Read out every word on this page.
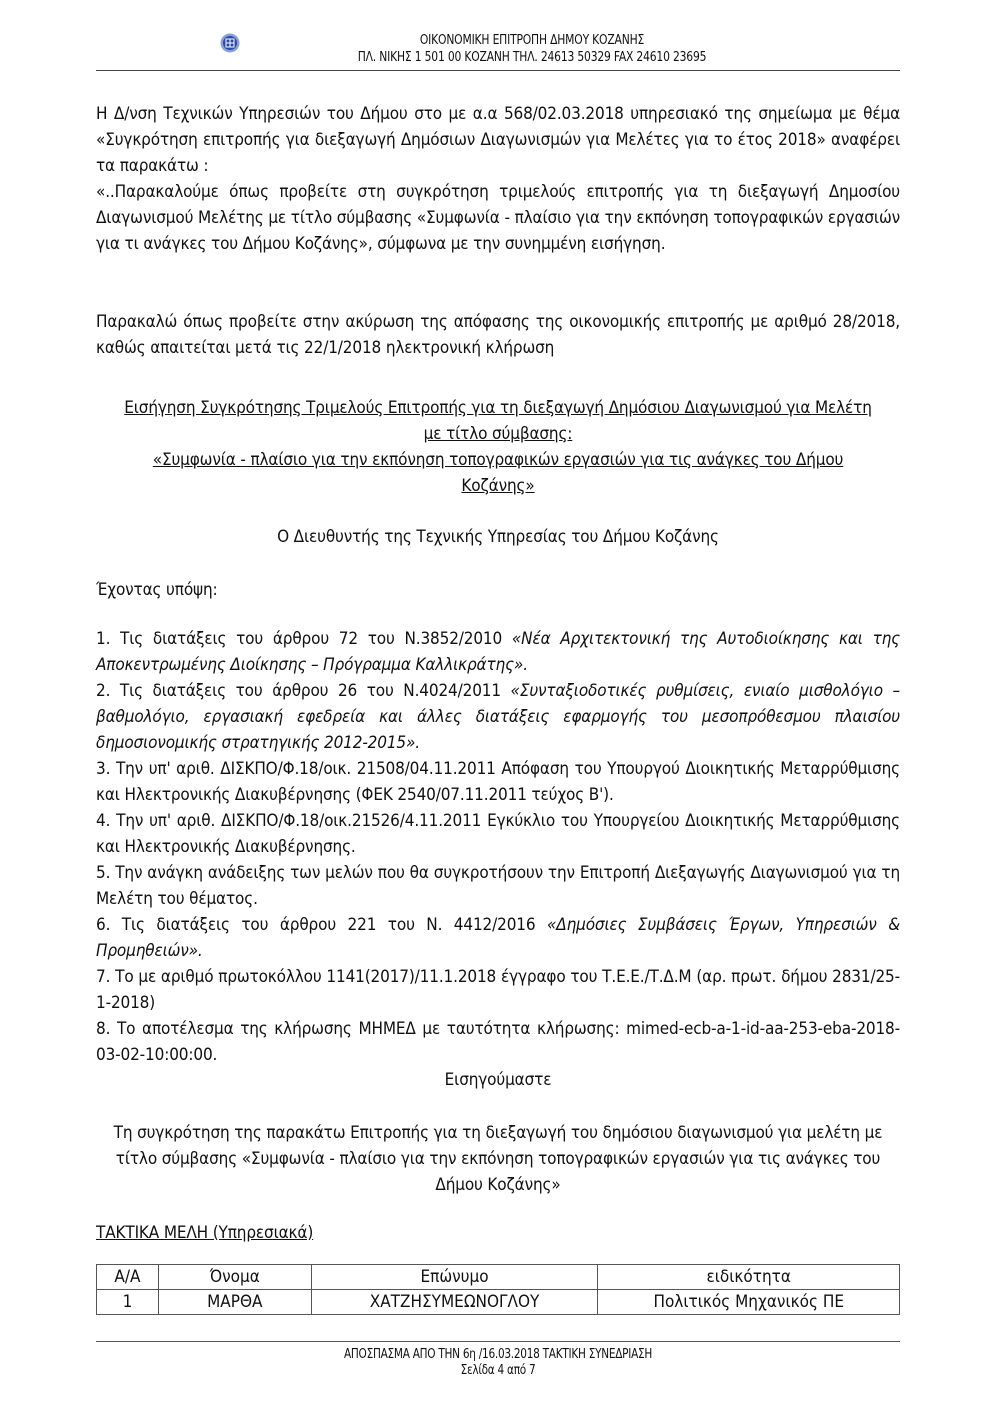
ΟΙΚΟΝΟΜΙΚΗ ΕΠΙΤΡΟΠΗ ΔΗΜΟΥ ΚΟΖΑΝΗΣ
ΠΛ. ΝΙΚΗΣ 1 501 00 ΚΟΖΑΝΗ ΤΗΛ. 24613 50329 FAX 24610 23695

Η Δ/νση Τεχνικών Υπηρεσιών του Δήμου στο με α.α 568/02.03.2018 υπηρεσιακό της σημείωμα με θέμα «Συγκρότηση επιτροπής για διεξαγωγή Δημόσιων Διαγωνισμών για Μελέτες για το έτος 2018» αναφέρει τα παρακάτω :

«..Παρακαλούμε όπως προβείτε στη συγκρότηση τριμελούς επιτροπής για τη διεξαγωγή Δημοσίου Διαγωνισμού Μελέτης με τίτλο σύμβασης «Συμφωνία - πλαίσιο για την εκπόνηση τοπογραφικών εργασιών για τι ανάγκες του Δήμου Κοζάνης», σύμφωνα με την συνημμένη εισήγηση.

Παρακαλώ όπως προβείτε στην ακύρωση της απόφασης της οικονομικής επιτροπής με αριθμό 28/2018, καθώς απαιτείται μετά τις 22/1/2018 ηλεκτρονική κλήρωση

Εισήγηση Συγκρότησης Τριμελούς Επιτροπής για τη διεξαγωγή Δημόσιου Διαγωνισμού για Μελέτη με τίτλο σύμβασης:

«Συμφωνία - πλαίσιο για την εκπόνηση τοπογραφικών εργασιών για τις ανάγκες του Δήμου Κοζάνης»

Ο Διευθυντής της Τεχνικής Υπηρεσίας του Δήμου Κοζάνης

Έχοντας υπόψη:

1. Τις διατάξεις του άρθρου 72 του Ν.3852/2010 «Νέα Αρχιτεκτονική της Αυτοδιοίκησης και της Αποκεντρωμένης Διοίκησης – Πρόγραμμα Καλλικράτης».

2. Τις διατάξεις του άρθρου 26 του Ν.4024/2011 «Συνταξιοδοτικές ρυθμίσεις, ενιαίο μισθολόγιο – βαθμολόγιο, εργασιακή εφεδρεία και άλλες διατάξεις εφαρμογής του μεσοπρόθεσμου πλαισίου δημοσιονομικής στρατηγικής 2012-2015».

3. Την υπ' αριθ. ΔΙΣΚΠΟ/Φ.18/οικ. 21508/04.11.2011 Απόφαση του Υπουργού Διοικητικής Μεταρρύθμισης και Ηλεκτρονικής Διακυβέρνησης (ΦΕΚ 2540/07.11.2011 τεύχος Β').

4. Την υπ' αριθ. ΔΙΣΚΠΟ/Φ.18/οικ.21526/4.11.2011 Εγκύκλιο του Υπουργείου Διοικητικής Μεταρρύθμισης και Ηλεκτρονικής Διακυβέρνησης.

5. Την ανάγκη ανάδειξης των μελών που θα συγκροτήσουν την Επιτροπή Διεξαγωγής Διαγωνισμού για τη Μελέτη του θέματος.

6. Τις διατάξεις του άρθρου 221 του Ν. 4412/2016 «Δημόσιες Συμβάσεις Έργων, Υπηρεσιών & Προμηθειών».

7. Το με αριθμό πρωτοκόλλου 1141(2017)/11.1.2018 έγγραφο του Τ.Ε.Ε./Τ.Δ.Μ (αρ. πρωτ. δήμου 2831/25-1-2018)

8. Το αποτέλεσμα της κλήρωσης ΜΗΜΕΔ με ταυτότητα κλήρωσης: mimed-ecb-a-1-id-aa-253-eba-2018-03-02-10:00:00.

Εισηγούμαστε

Τη συγκρότηση της παρακάτω Επιτροπής για τη διεξαγωγή του δημόσιου διαγωνισμού για μελέτη με τίτλο σύμβασης «Συμφωνία - πλαίσιο για την εκπόνηση τοπογραφικών εργασιών για τις ανάγκες του Δήμου Κοζάνης»

ΤΑΚΤΙΚΑ ΜΕΛΗ (Υπηρεσιακά)

Α/Α	Όνομα	Επώνυμο	ειδικότητα
1	ΜΑΡΘΑ	ΧΑΤΖΗΣΥΜΕΩΝΟΓΛΟΥ	Πολιτικός Μηχανικός ΠΕ
ΑΠΟΣΠΑΣΜΑ ΑΠΟ ΤΗΝ 6η /16.03.2018 ΤΑΚΤΙΚΗ ΣΥΝΕΔΡΙΑΣΗ
Σελίδα 4 από 7
